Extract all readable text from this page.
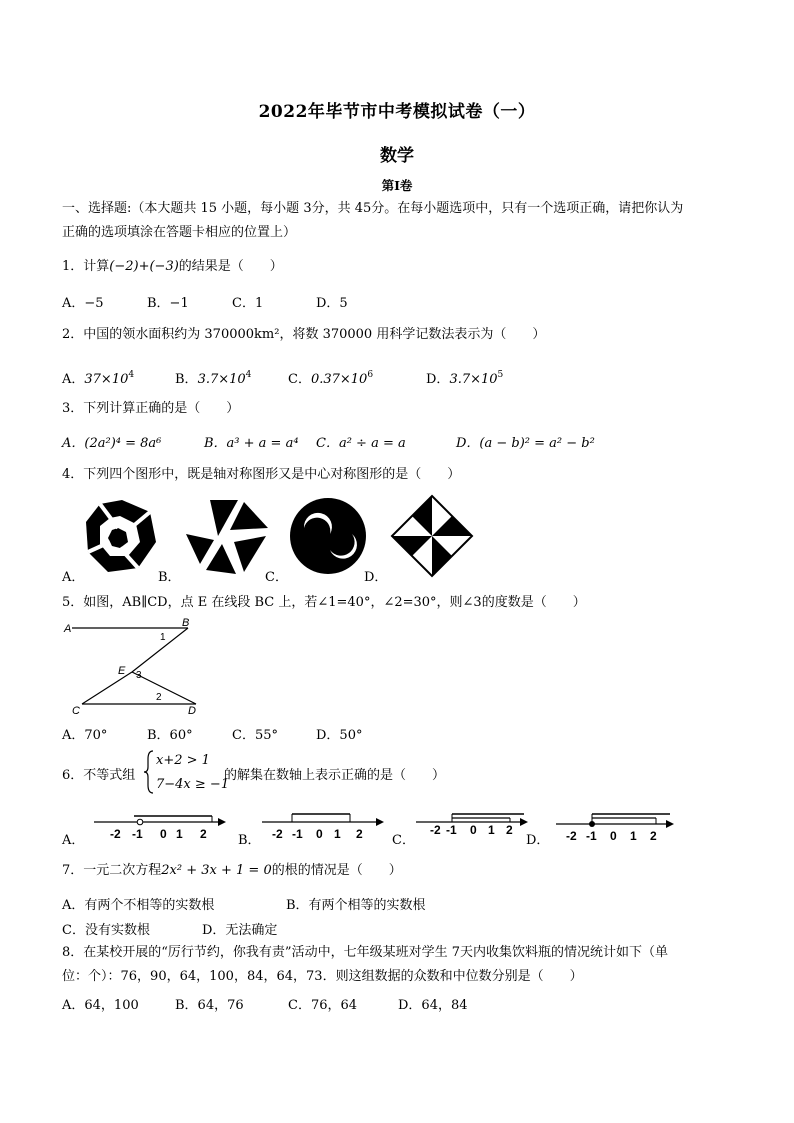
2022年毕节市中考模拟试卷（一）
数学
第Ⅰ卷
一、选择题:（本大题共 15 小题，每小题 3分，共 45分。在每小题选项中，只有一个选项正确，请把你认为
正确的选项填涂在答题卡相应的位置上）
1．计算(−2)+(−3)的结果是（　　）
A．−5	B．−1	C．1	D．5
2．中国的领水面积约为 370000km²，将数 370000 用科学记数法表示为（　　）
A．$37\times 10^4$	B．$3.7\times 10^4$	C．$0.37\times 10^6$	D．$3.7\times 10^5$
3．下列计算正确的是（　　）
A．(2a²)⁴ = 8a⁶	B．a³ + a = a⁴ C．a² ÷ a = a	D．(a − b)² = a² − b²
4．下列四个图形中，既是轴对称图形又是中心对称图形的是（　　）
A．	B．	C．	D．
5．如图，AB∥CD，点 E 在线段 BC 上，若∠1=40°，∠2=30°，则∠3的度数是（　　）
A	B
1
E 3
2
C	D
A．70°	B．60°	C．55°	D．50°
6．不等式组
x+2 > 1
7−4x ≥ −1
的解集在数轴上表示正确的是（　　）
A．	B．	C．	D．
-2 -1 0 1 2	-2 -1 0 1 2	-2 -1 0 1 2	-2 -1 0 1 2
7．一元二次方程2x² + 3x + 1 = 0的根的情况是（　　）
A．有两个不相等的实数根	B．有两个相等的实数根
C．没有实数根	D．无法确定
8．在某校开展的“厉行节约，你我有责”活动中，七年级某班对学生 7天内收集饮料瓶的情况统计如下（单
位：个）：76，90，64，100，84，64，73．则这组数据的众数和中位数分别是（　　）
A．64，100	B．64，76	C．76，64	D．64，84
